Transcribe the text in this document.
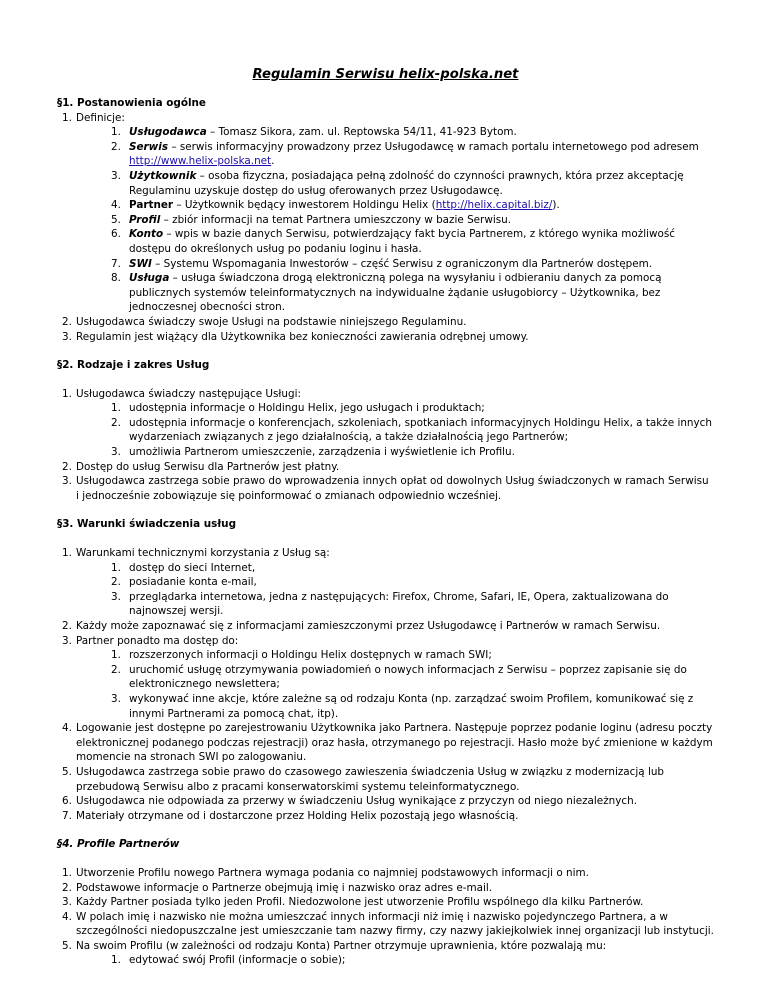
Regulamin Serwisu helix-polska.net
§1. Postanowienia ogólne
1. Definicje:
1. Usługodawca – Tomasz Sikora, zam. ul. Reptowska 54/11, 41-923 Bytom.
2. Serwis – serwis informacyjny prowadzony przez Usługodawcę w ramach portalu internetowego pod adresem http://www.helix-polska.net.
3. Użytkownik – osoba fizyczna, posiadająca pełną zdolność do czynności prawnych, która przez akceptację Regulaminu uzyskuje dostęp do usług oferowanych przez Usługodawcę.
4. Partner – Użytkownik będący inwestorem Holdingu Helix (http://helix.capital.biz/).
5. Profil – zbiór informacji na temat Partnera umieszczony w bazie Serwisu.
6. Konto – wpis w bazie danych Serwisu, potwierdzający fakt bycia Partnerem, z którego wynika możliwość dostępu do określonych usług po podaniu loginu i hasła.
7. SWI – Systemu Wspomagania Inwestorów – część Serwisu z ograniczonym dla Partnerów dostępem.
8. Usługa – usługa świadczona drogą elektroniczną polega na wysyłaniu i odbieraniu danych za pomocą publicznych systemów teleinformatycznych na indywidualne żądanie usługobiorcy – Użytkownika, bez jednoczesnej obecności stron.
2. Usługodawca świadczy swoje Usługi na podstawie niniejszego Regulaminu.
3. Regulamin jest wiążący dla Użytkownika bez konieczności zawierania odrębnej umowy.
§2. Rodzaje i zakres Usług
1. Usługodawca świadczy następujące Usługi:
1. udostępnia informacje o Holdingu Helix, jego usługach i produktach;
2. udostępnia informacje o konferencjach, szkoleniach, spotkaniach informacyjnych Holdingu Helix, a także innych wydarzeniach związanych z jego działalnością, a także działalnością jego Partnerów;
3. umożliwia Partnerom umieszczenie, zarządzenia i wyświetlenie ich Profilu.
2. Dostęp do usług Serwisu dla Partnerów jest płatny.
3. Usługodawca zastrzega sobie prawo do wprowadzenia innych opłat od dowolnych Usług świadczonych w ramach Serwisu i jednocześnie zobowiązuje się poinformować o zmianach odpowiednio wcześniej.
§3. Warunki świadczenia usług
1. Warunkami technicznymi korzystania z Usług są:
1. dostęp do sieci Internet,
2. posiadanie konta e-mail,
3. przeglądarka internetowa, jedna z następujących: Firefox, Chrome, Safari, IE, Opera, zaktualizowana do najnowszej wersji.
2. Każdy może zapoznawać się z informacjami zamieszczonymi przez Usługodawcę i Partnerów w ramach Serwisu.
3. Partner ponadto ma dostęp do:
1. rozszerzonych informacji o Holdingu Helix dostępnych w ramach SWI;
2. uruchomić usługę otrzymywania powiadomień o nowych informacjach z Serwisu – poprzez zapisanie się do elektronicznego newslettera;
3. wykonywać inne akcje, które zależne są od rodzaju Konta (np. zarządzać swoim Profilem, komunikować się z innymi Partnerami za pomocą chat, itp).
4. Logowanie jest dostępne po zarejestrowaniu Użytkownika jako Partnera. Następuje poprzez podanie loginu (adresu poczty elektronicznej podanego podczas rejestracji) oraz hasła, otrzymanego po rejestracji. Hasło może być zmienione w każdym momencie na stronach SWI po zalogowaniu.
5. Usługodawca zastrzega sobie prawo do czasowego zawieszenia świadczenia Usług w związku z modernizacją lub przebudową Serwisu albo z pracami konserwatorskimi systemu teleinformatycznego.
6. Usługodawca nie odpowiada za przerwy w świadczeniu Usług wynikające z przyczyn od niego niezależnych.
7. Materiały otrzymane od i dostarczone przez Holding Helix pozostają jego własnością.
§4. Profile Partnerów
1. Utworzenie Profilu nowego Partnera wymaga podania co najmniej podstawowych informacji o nim.
2. Podstawowe informacje o Partnerze obejmują imię i nazwisko oraz adres e-mail.
3. Każdy Partner posiada tylko jeden Profil. Niedozwolone jest utworzenie Profilu wspólnego dla kilku Partnerów.
4. W polach imię i nazwisko nie można umieszczać innych informacji niż imię i nazwisko pojedynczego Partnera, a w szczególności niedopuszczalne jest umieszczanie tam nazwy firmy, czy nazwy jakiejkolwiek innej organizacji lub instytucji.
5. Na swoim Profilu (w zależności od rodzaju Konta) Partner otrzymuje uprawnienia, które pozwalają mu:
1. edytować swój Profil (informacje o sobie);
